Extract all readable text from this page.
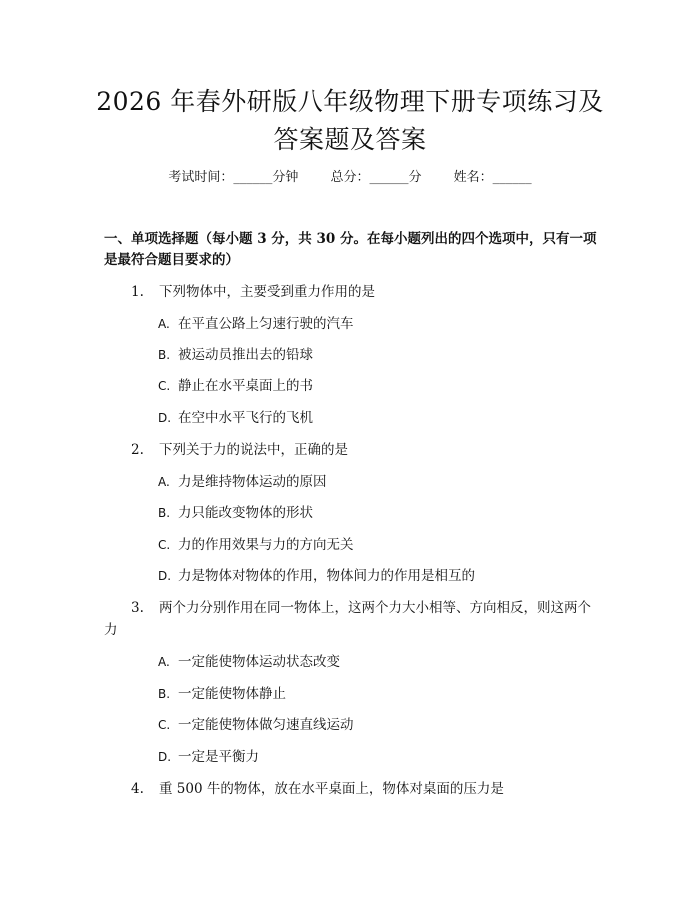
2026 年春外研版八年级物理下册专项练习及
答案题及答案
考试时间：______分钟 总分：______分 姓名：______
一、单项选择题（每小题 3 分，共 30 分。在每小题列出的四个选项中，只有一项
是最符合题目要求的）
1. 下列物体中，主要受到重力作用的是
A. 在平直公路上匀速行驶的汽车
B. 被运动员推出去的铅球
C. 静止在水平桌面上的书
D. 在空中水平飞行的飞机
2. 下列关于力的说法中，正确的是
A. 力是维持物体运动的原因
B. 力只能改变物体的形状
C. 力的作用效果与力的方向无关
D. 力是物体对物体的作用，物体间力的作用是相互的
3. 两个力分别作用在同一物体上，这两个力大小相等、方向相反，则这两个
力
A. 一定能使物体运动状态改变
B. 一定能使物体静止
C. 一定能使物体做匀速直线运动
D. 一定是平衡力
4. 重 500 牛的物体，放在水平桌面上，物体对桌面的压力是
